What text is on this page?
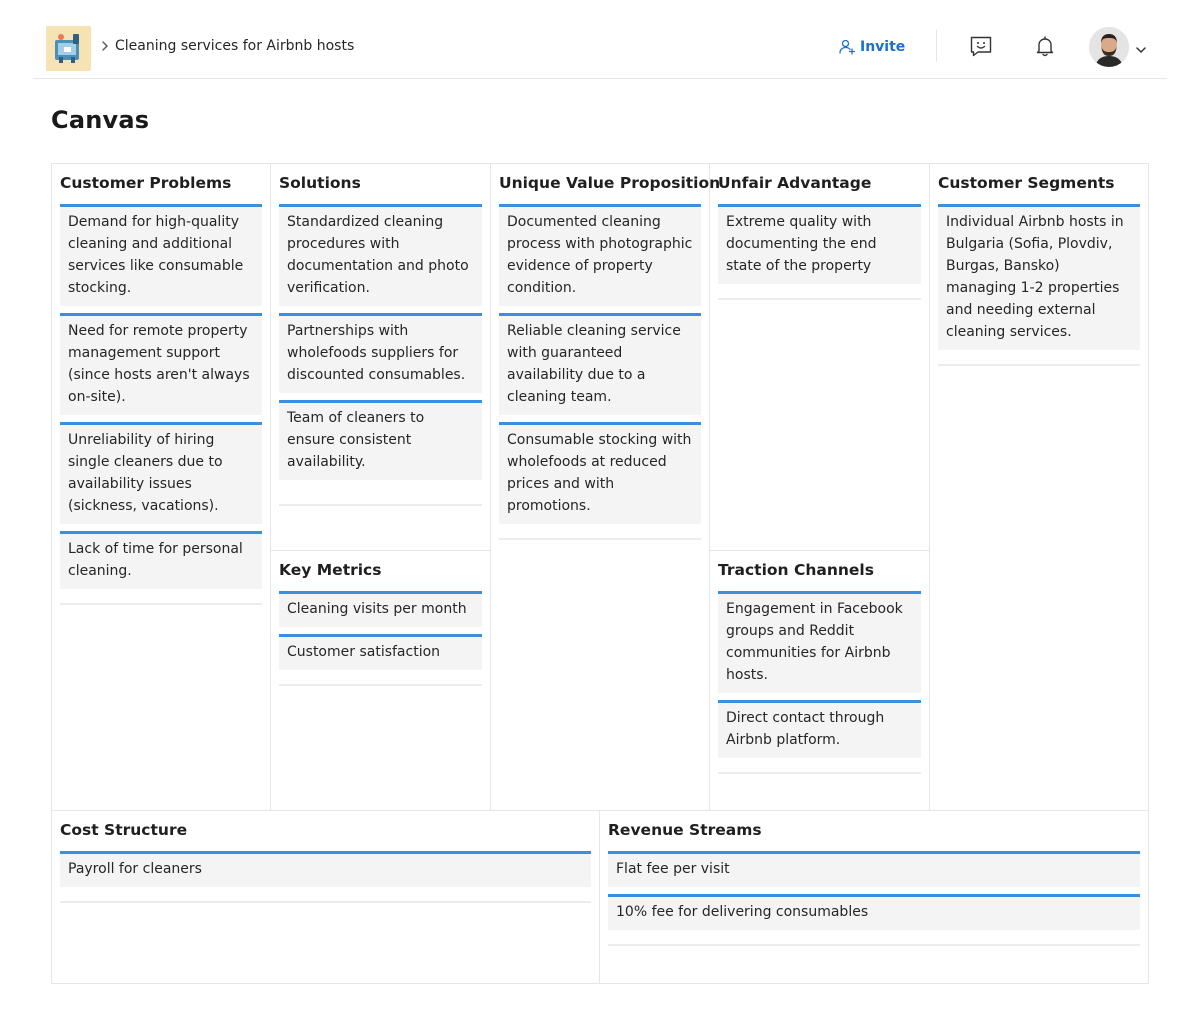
Cleaning services for Airbnb hosts	Invite
Canvas
Customer Problems
Demand for high-quality cleaning and additional services like consumable stocking.
Need for remote property management support (since hosts aren't always on-site).
Unreliability of hiring single cleaners due to availability issues (sickness, vacations).
Lack of time for personal cleaning.
Solutions
Standardized cleaning procedures with documentation and photo verification.
Partnerships with wholefoods suppliers for discounted consumables.
Team of cleaners to ensure consistent availability.
Key Metrics
Cleaning visits per month
Customer satisfaction
Unique Value Proposition
Documented cleaning process with photographic evidence of property condition.
Reliable cleaning service with guaranteed availability due to a cleaning team.
Consumable stocking with wholefoods at reduced prices and with promotions.
Unfair Advantage
Extreme quality with documenting the end state of the property
Traction Channels
Engagement in Facebook groups and Reddit communities for Airbnb hosts.
Direct contact through Airbnb platform.
Customer Segments
Individual Airbnb hosts in Bulgaria (Sofia, Plovdiv, Burgas, Bansko) managing 1-2 properties and needing external cleaning services.
Cost Structure
Payroll for cleaners
Revenue Streams
Flat fee per visit
10% fee for delivering consumables
